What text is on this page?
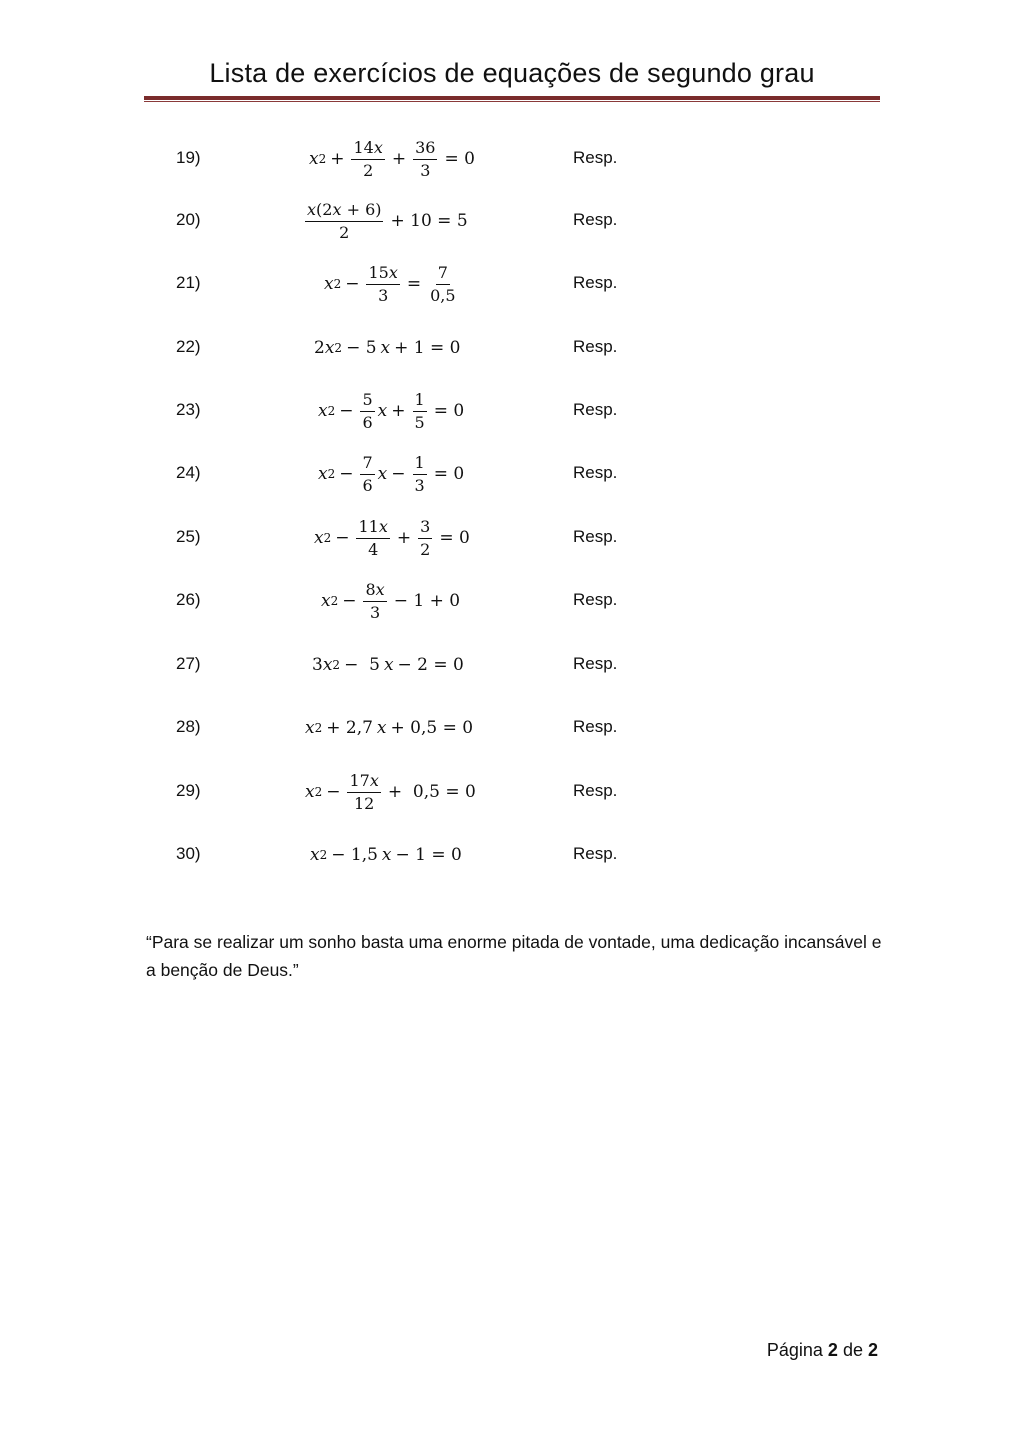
Lista de exercícios de equações de segundo grau
19)	x $2 + \frac{14x}{2} + \frac{36}{3} = 0$	Resp.
20)	$\frac{x(2x + 6)}{2} + 10 = 5$	Resp.
21)	x $2 - \frac{15x}{3} = \frac{7}{0,5}$	Resp.
22)	2 x 2 − 5 x + 1 = 0	Resp.
23)	x $2 - \frac{5}{6}$ $x + \frac{1}{5} = 0$	Resp.
24)	x $2 - \frac{7}{6}$ $x - \frac{1}{3} = 0$	Resp.
25)	x $2 - \frac{11x}{4} + \frac{3}{2} = 0$	Resp.
26)	x $2 - \frac{8x}{3} - 1 + 0$	Resp.
27)	3 x 2 −  5 x − 2 = 0	Resp.
28)	x 2 + 2,7 x + 0,5 = 0	Resp.
29)	x $2 - \frac{17x}{12} + 0,5 = 0$	Resp.
30)	x 2 − 1,5 x − 1 = 0	Resp.
“Para se realizar um sonho basta uma enorme pitada de vontade, uma dedicação incansável e a benção de Deus.”
Página 2 de 2
